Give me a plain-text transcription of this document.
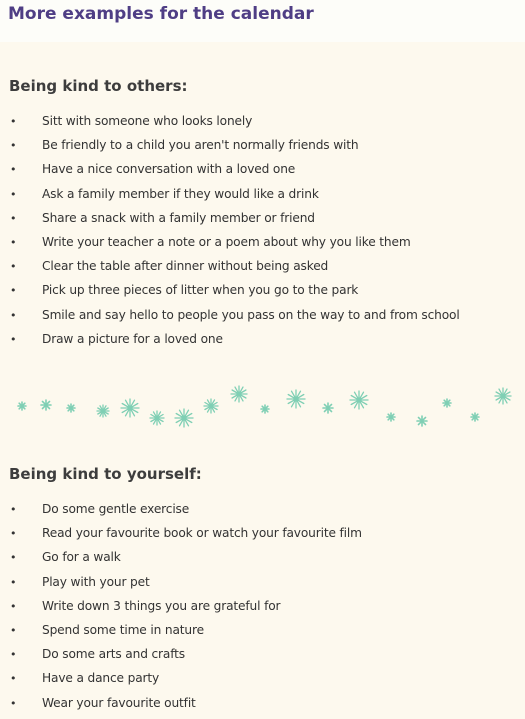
More examples for the calendar
Being kind to others:
• Sitt with someone who looks lonely
• Be friendly to a child you aren't normally friends with
• Have a nice conversation with a loved one
• Ask a family member if they would like a drink
• Share a snack with a family member or friend
• Write your teacher a note or a poem about why you like them
• Clear the table after dinner without being asked
• Pick up three pieces of litter when you go to the park
• Smile and say hello to people you pass on the way to and from school
• Draw a picture for a loved one
Being kind to yourself:
• Do some gentle exercise
• Read your favourite book or watch your favourite film
• Go for a walk
• Play with your pet
• Write down 3 things you are grateful for
• Spend some time in nature
• Do some arts and crafts
• Have a dance party
• Wear your favourite outfit
